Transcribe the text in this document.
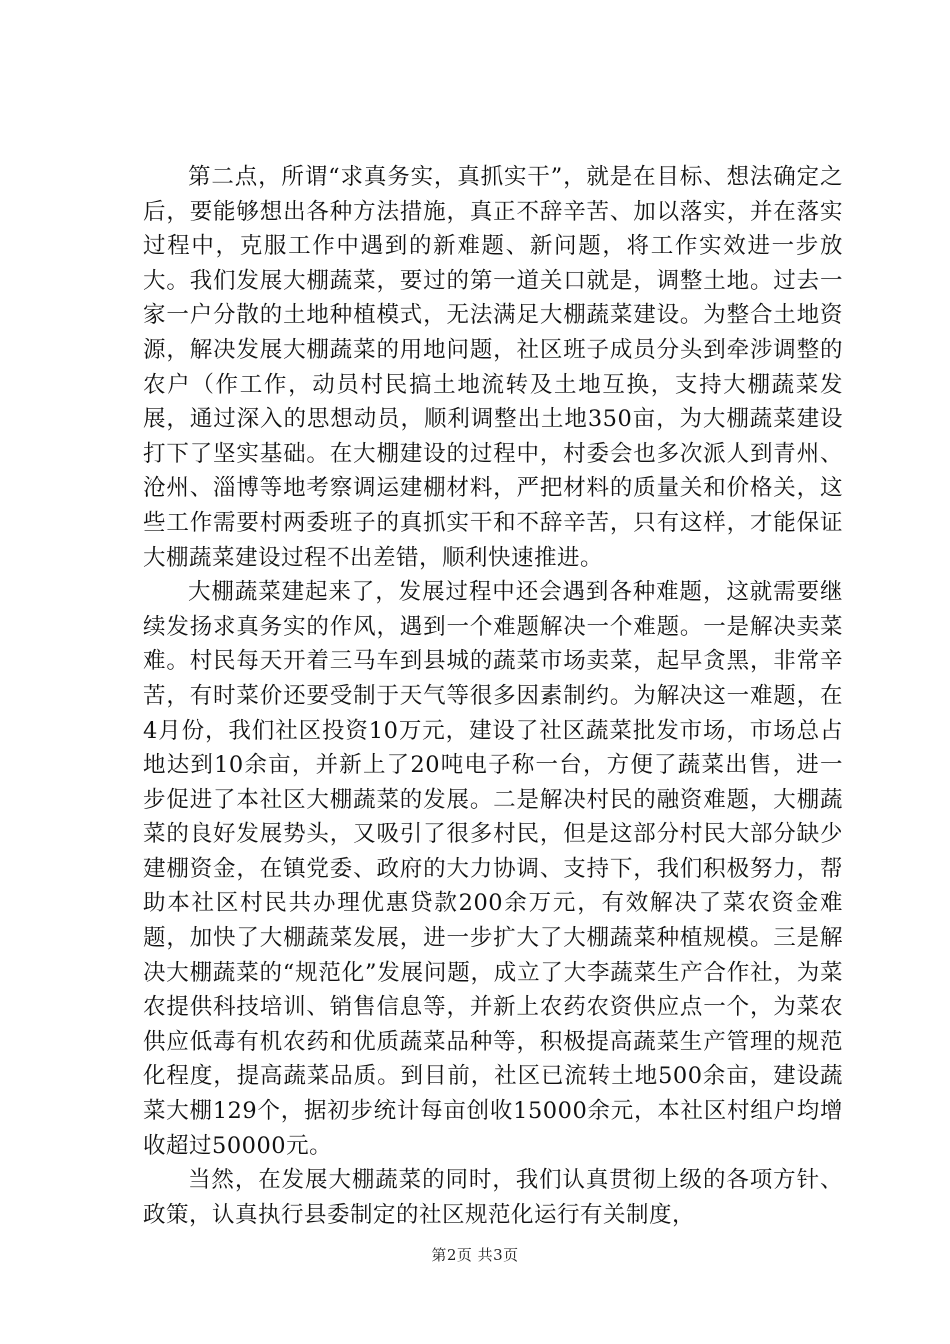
第二点，所谓“求真务实，真抓实干”，就是在目标、想法确定之后，要能够想出各种方法措施，真正不辞辛苦、加以落实，并在落实过程中，克服工作中遇到的新难题、新问题，将工作实效进一步放大。我们发展大棚蔬菜，要过的第一道关口就是，调整土地。过去一家一户分散的土地种植模式，无法满足大棚蔬菜建设。为整合土地资源，解决发展大棚蔬菜的用地问题，社区班子成员分头到牵涉调整的农户（作工作，动员村民搞土地流转及土地互换，支持大棚蔬菜发展，通过深入的思想动员，顺利调整出土地350亩，为大棚蔬菜建设打下了坚实基础。在大棚建设的过程中，村委会也多次派人到青州、沧州、淄博等地考察调运建棚材料，严把材料的质量关和价格关，这些工作需要村两委班子的真抓实干和不辞辛苦，只有这样，才能保证大棚蔬菜建设过程不出差错，顺利快速推进。

大棚蔬菜建起来了，发展过程中还会遇到各种难题，这就需要继续发扬求真务实的作风，遇到一个难题解决一个难题。一是解决卖菜难。村民每天开着三马车到县城的蔬菜市场卖菜，起早贪黑，非常辛苦，有时菜价还要受制于天气等很多因素制约。为解决这一难题，在4月份，我们社区投资10万元，建设了社区蔬菜批发市场，市场总占地达到10余亩，并新上了20吨电子称一台，方便了蔬菜出售，进一步促进了本社区大棚蔬菜的发展。二是解决村民的融资难题，大棚蔬菜的良好发展势头，又吸引了很多村民，但是这部分村民大部分缺少建棚资金，在镇党委、政府的大力协调、支持下，我们积极努力，帮助本社区村民共办理优惠贷款200余万元，有效解决了菜农资金难题，加快了大棚蔬菜发展，进一步扩大了大棚蔬菜种植规模。三是解决大棚蔬菜的“规范化”发展问题，成立了大李蔬菜生产合作社，为菜农提供科技培训、销售信息等，并新上农药农资供应点一个，为菜农供应低毒有机农药和优质蔬菜品种等，积极提高蔬菜生产管理的规范化程度，提高蔬菜品质。到目前，社区已流转土地500余亩，建设蔬菜大棚129个，据初步统计每亩创收15000余元，本社区村组户均增收超过50000元。

当然，在发展大棚蔬菜的同时，我们认真贯彻上级的各项方针、政策，认真执行县委制定的社区规范化运行有关制度，

第2页 共3页
